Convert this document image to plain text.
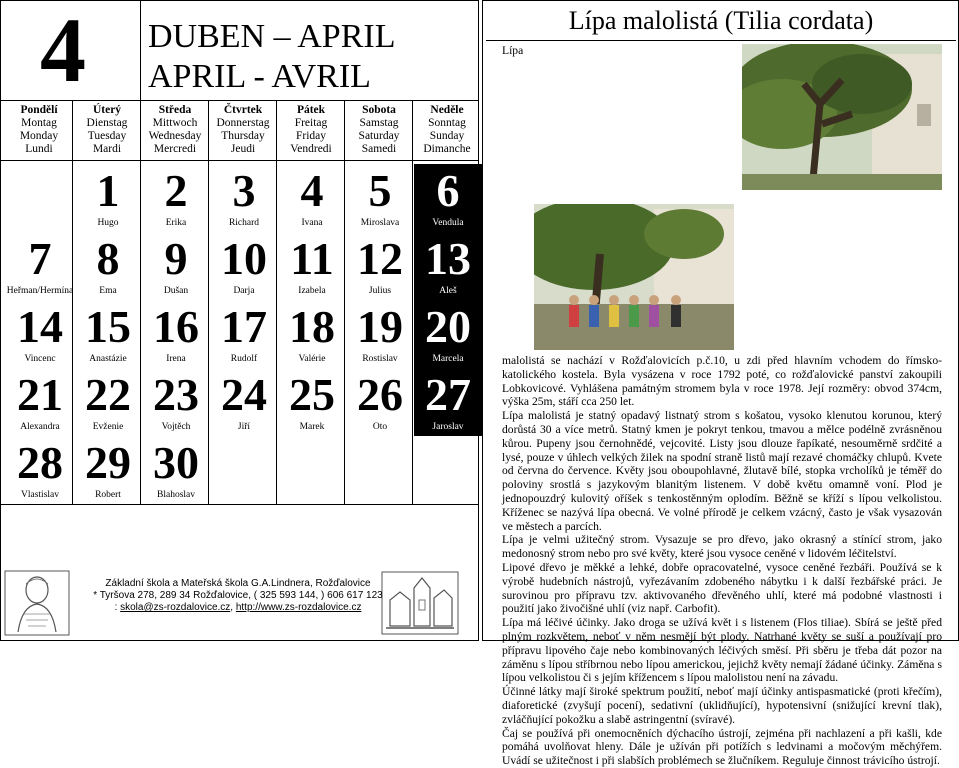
4 DUBEN – APRIL
APRIL - AVRIL
Pondělí
Montag
Monday
Lundi
Úterý
Dienstag
Tuesday
Mardi
Středa
Mittwoch
Wednesday
Mercredi
Čtvrtek
Donnerstag
Thursday
Jeudi
Pátek
Freitag
Friday
Vendredi
Sobota
Samstag
Saturday
Samedi
Neděle
Sonntag
Sunday
Dimanche
1
Hugo
2
Erika
3
Richard
4
Ivana
5
Miroslava
6
Vendula
7
Heřman/Hermína
8
Ema
9
Dušan
10
Darja
11
Izabela
12
Julius
13
Aleš
14
Vincenc
15
Anastázie
16
Irena
17
Rudolf
18
Valérie
19
Rostislav
20
Marcela
21
Alexandra
22
Evženie
23
Vojtěch
24
Jiří
25
Marek
26
Oto
27
Jaroslav
28
Vlastislav
29
Robert
30
Blahoslav
Základní škola a Mateřská škola G.A.Lindnera, Rožďalovice
* Tyršova 278, 289 34 Rožďalovice, ( 325 593 144, ) 606 617 123
: skola@zs-rozdalovice.cz, http://www.zs-rozdalovice.cz
Lípa malolistá (Tilia cordata)

Lípa malolistá se nachází v Rožďalovicích p.č.10, u zdi před hlavním vchodem do římsko-katolického kostela. Byla vysázena v roce 1792 poté, co rožďalovické panství zakoupili Lobkovicové. Vyhlášena památným stromem byla v roce 1978. Její rozměry: obvod 374cm, výška 25m, stáří cca 250 let.

Lípa malolistá je statný opadavý listnatý strom s košatou, vysoko klenutou korunou, který dorůstá 30 a více metrů. Statný kmen je pokryt tenkou, tmavou a mělce podélně zvrásněnou kůrou. Pupeny jsou černohnědé, vejcovité. Listy jsou dlouze řapíkaté, nesouměrně srdčité a lysé, pouze v úhlech velkých žilek na spodní straně listů mají rezavé chomáčky chlupů. Kvete od června do července. Květy jsou oboupohlavné, žlutavě bílé, stopka vrcholíků je téměř do poloviny srostlá s jazykovým blanitým listenem. V době květu omamně voní. Plod je jednopouzdrý kulovitý oříšek s tenkostěnným oplodím. Běžně se kříží s lípou velkolistou. Kříženec se nazývá lípa obecná. Ve volné přírodě je celkem vzácný, často je však vysazován ve městech a parcích.

Lípa je velmi užitečný strom. Vysazuje se pro dřevo, jako okrasný a stínící strom, jako medonosný strom nebo pro své květy, které jsou vysoce ceněné v lidovém léčitelství.

Lipové dřevo je měkké a lehké, dobře opracovatelné, vysoce ceněné řezbáři. Používá se k výrobě hudebních nástrojů, vyřezávaním zdobeného nábytku i k další řezbářské práci. Je surovinou pro přípravu tzv. aktivovaného dřevěného uhlí, které má podobné vlastnosti i použití jako živočišné uhlí (viz např. Carbofit).

Lípa má léčivé účinky. Jako droga se užívá květ i s listenem (Flos tiliae). Sbírá se ještě před plným rozkvětem, neboť v něm nesmějí být plody. Natrhané květy se suší a používají pro přípravu lipového čaje nebo kombinovaných léčivých směsí. Při sběru je třeba dát pozor na záměnu s lípou stříbrnou nebo lípou americkou, jejichž květy nemají žádané účinky. Záměna s lípou velkolistou či s jejím křížencem s lípou malolistou není na závadu.

Účinné látky mají široké spektrum použití, neboť mají účinky antispasmatické (proti křečím), diaforetické (zvyšují pocení), sedativní (uklidňující), hypotensivní (snižující krevní tlak), zvláčňující pokožku a slabě astringentní (svíravé).

Čaj se používá při onemocněních dýchacího ústrojí, zejména při nachlazení a při kašli, kde pomáhá uvolňovat hleny. Dále je užíván při potížích s ledvinami a močovým měchýřem. Uvádí se užitečnost i při slabších problémech se žlučníkem. Reguluje činnost trávicího ústrojí.
